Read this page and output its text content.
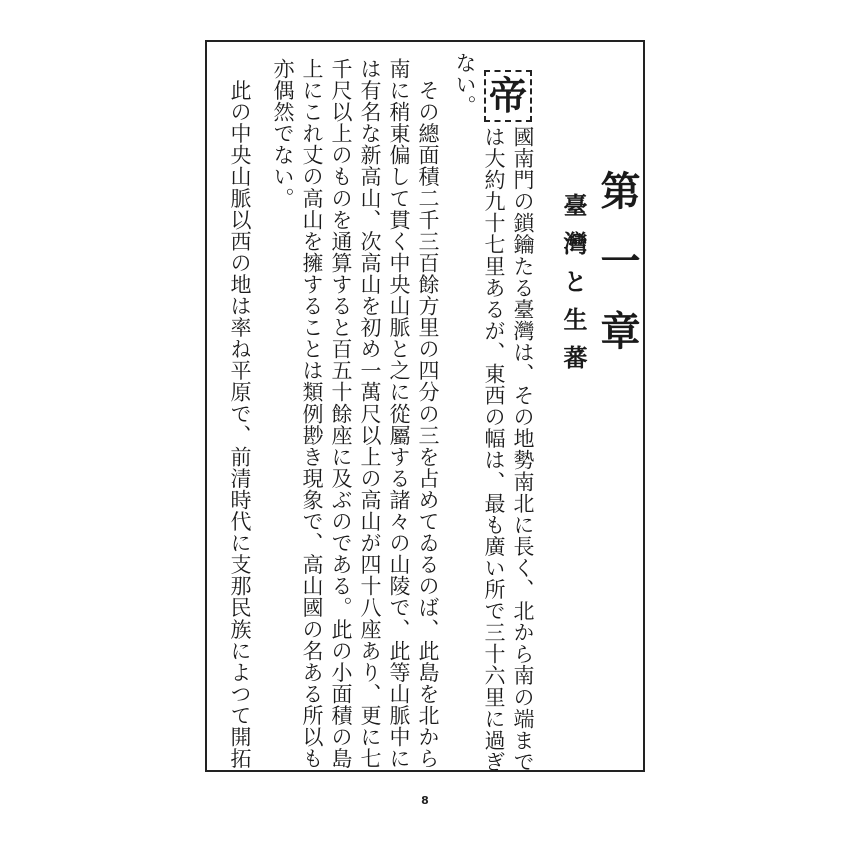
第一章
臺灣と生蕃
帝
國南門の鎖鑰たる臺灣は、その地勢南北に長く、北から南の端まで
は大約九十七里あるが、東西の幅は、最も廣い所で三十六里に過ぎ
ない。
　その總面積二千三百餘方里の四分の三を占めてゐるのば、此島を北から
南に稍東偏して貫く中央山脈と之に從屬する諸々の山陵で、此等山脈中に
は有名な新高山、次高山を初め一萬尺以上の高山が四十八座あり、更に七
千尺以上のものを通算すると百五十餘座に及ぶのである。此の小面積の島
上にこれ丈の高山を擁することは類例尠き現象で、高山國の名ある所以も
亦偶然でない。
　此の中央山脈以西の地は率ね平原で、前清時代に支那民族によつて開拓
8
